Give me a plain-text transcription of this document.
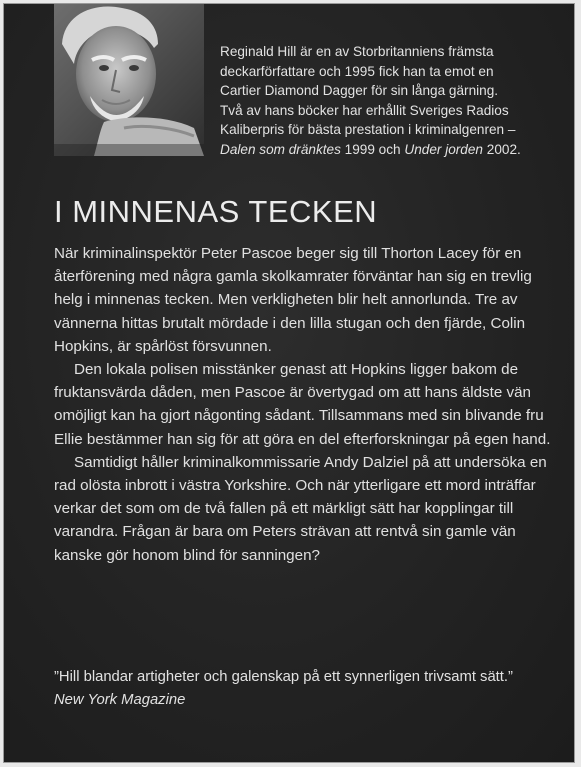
Reginald Hill är en av Storbritanniens främsta

deckarförfattare och 1995 fick han ta emot en

Cartier Diamond Dagger för sin långa gärning.

Två av hans böcker har erhållit Sveriges Radios

Kaliberpris för bästa prestation i kriminalgenren –

Dalen som dränktes 1999 och Under jorden 2002.

I MINNENAS TECKEN

När kriminalinspektör Peter Pascoe beger sig till Thorton Lacey för en återförening med några gamla skolkamrater förväntar han sig en trevlig helg i minnenas tecken. Men verkligheten blir helt annorlunda. Tre av vännerna hittas brutalt mördade i den lilla stugan och den fjärde, Colin Hopkins, är spårlöst försvunnen.

Den lokala polisen misstänker genast att Hopkins ligger bakom de fruktansvärda dåden, men Pascoe är övertygad om att hans äldste vän omöjligt kan ha gjort någonting sådant. Tillsammans med sin blivande fru Ellie bestämmer han sig för att göra en del efterforskningar på egen hand.

Samtidigt håller kriminalkommissarie Andy Dalziel på att undersöka en rad olösta inbrott i västra Yorkshire. Och när ytterligare ett mord inträffar verkar det som om de två fallen på ett märkligt sätt har kopplingar till varandra. Frågan är bara om Peters strävan att rentvå sin gamle vän kanske gör honom blind för sanningen?

”Hill blandar artigheter och galenskap på ett synnerligen trivsamt sätt.”

New York Magazine
